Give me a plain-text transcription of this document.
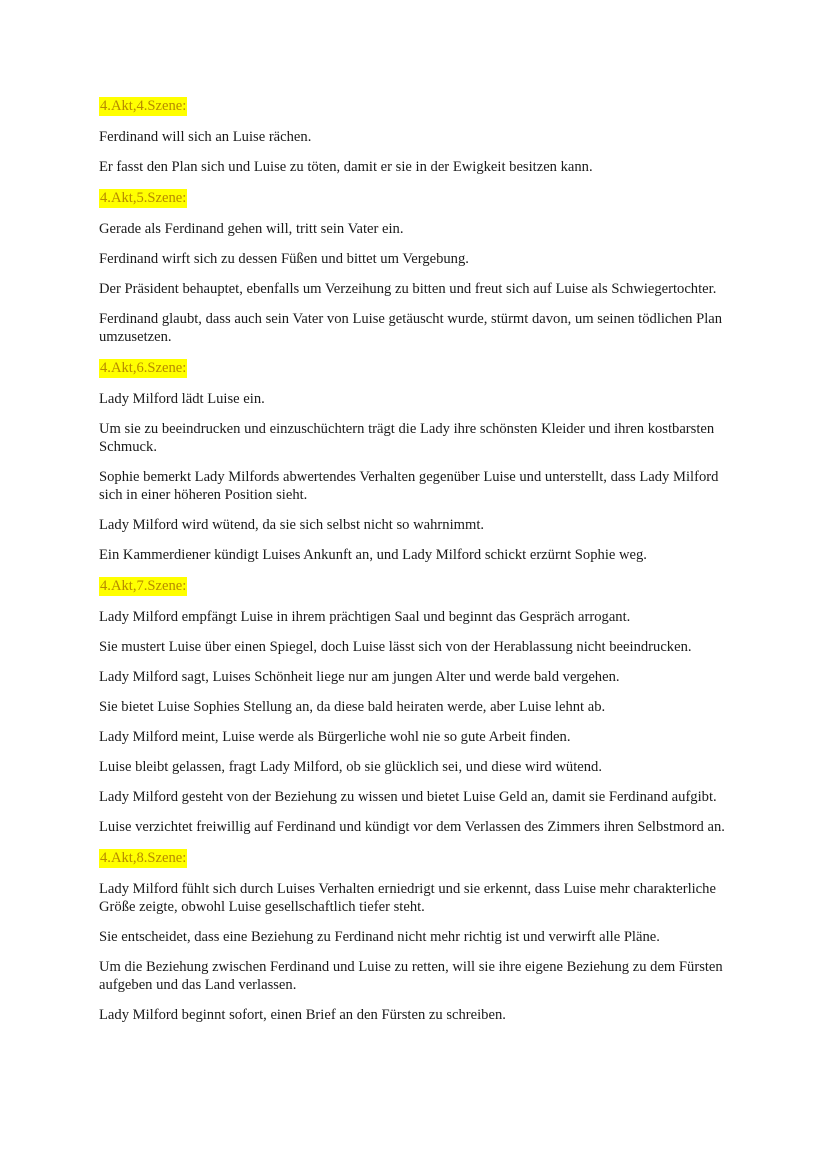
4.Akt,4.Szene:
Ferdinand will sich an Luise rächen.
Er fasst den Plan sich und Luise zu töten, damit er sie in der Ewigkeit besitzen kann.
4.Akt,5.Szene:
Gerade als Ferdinand gehen will, tritt sein Vater ein.
Ferdinand wirft sich zu dessen Füßen und bittet um Vergebung.
Der Präsident behauptet, ebenfalls um Verzeihung zu bitten und freut sich auf Luise als Schwiegertochter.
Ferdinand glaubt, dass auch sein Vater von Luise getäuscht wurde, stürmt davon, um seinen tödlichen Plan umzusetzen.
4.Akt,6.Szene:
Lady Milford lädt Luise ein.
Um sie zu beeindrucken und einzuschüchtern trägt die Lady ihre schönsten Kleider und ihren kostbarsten Schmuck.
Sophie bemerkt Lady Milfords abwertendes Verhalten gegenüber Luise und unterstellt, dass Lady Milford sich in einer höheren Position sieht.
Lady Milford wird wütend, da sie sich selbst nicht so wahrnimmt.
Ein Kammerdiener kündigt Luises Ankunft an, und Lady Milford schickt erzürnt Sophie weg.
4.Akt,7.Szene:
Lady Milford empfängt Luise in ihrem prächtigen Saal und beginnt das Gespräch arrogant.
Sie mustert Luise über einen Spiegel, doch Luise lässt sich von der Herablassung nicht beeindrucken.
Lady Milford sagt, Luises Schönheit liege nur am jungen Alter und werde bald vergehen.
Sie bietet Luise Sophies Stellung an, da diese bald heiraten werde, aber Luise lehnt ab.
Lady Milford meint, Luise werde als Bürgerliche wohl nie so gute Arbeit finden.
Luise bleibt gelassen, fragt Lady Milford, ob sie glücklich sei, und diese wird wütend.
Lady Milford gesteht von der Beziehung zu wissen und bietet Luise Geld an, damit sie Ferdinand aufgibt.
Luise verzichtet freiwillig auf Ferdinand und kündigt vor dem Verlassen des Zimmers ihren Selbstmord an.
4.Akt,8.Szene:
Lady Milford fühlt sich durch Luises Verhalten erniedrigt und sie erkennt, dass Luise mehr charakterliche Größe zeigte, obwohl Luise gesellschaftlich tiefer steht.
Sie entscheidet, dass eine Beziehung zu Ferdinand nicht mehr richtig ist und verwirft alle Pläne.
Um die Beziehung zwischen Ferdinand und Luise zu retten, will sie ihre eigene Beziehung zu dem Fürsten aufgeben und das Land verlassen.
Lady Milford beginnt sofort, einen Brief an den Fürsten zu schreiben.
